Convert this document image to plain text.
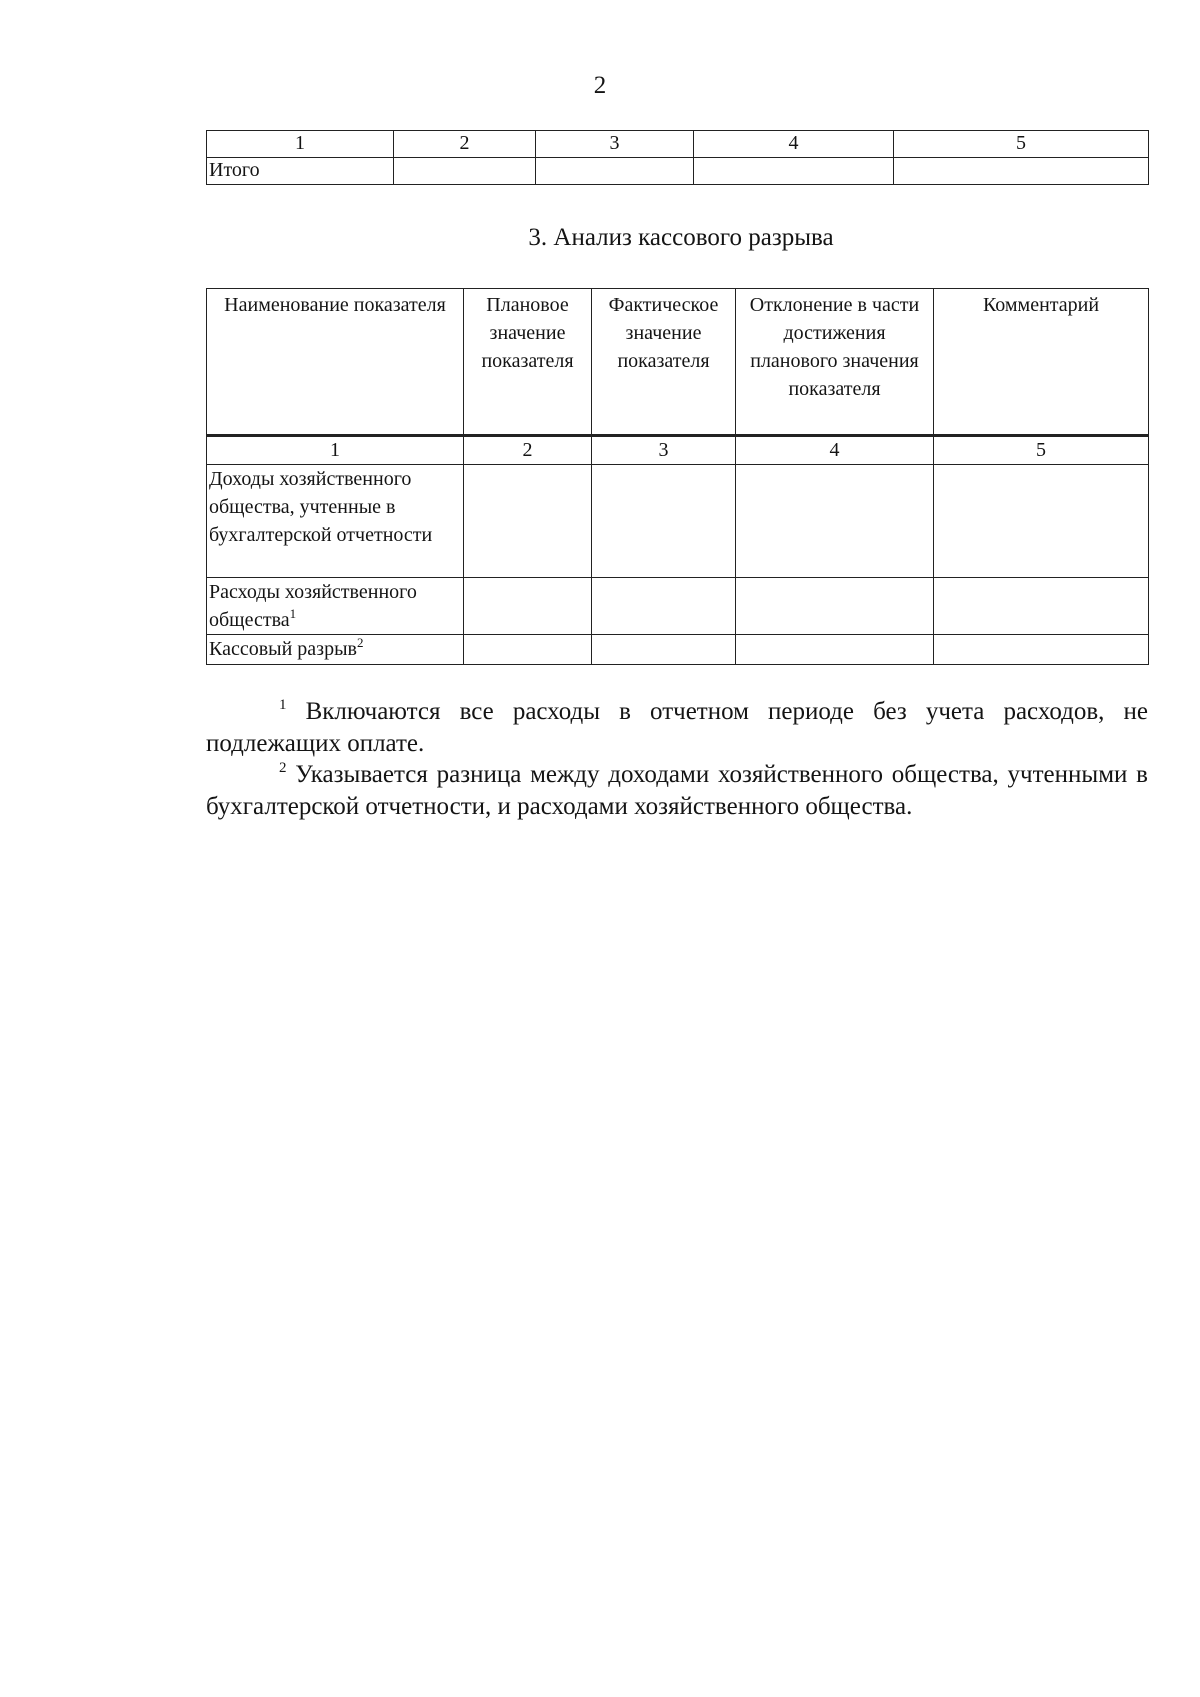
2
1	2	3	4	5
Итого				
3. Анализ кассового разрыва
Наименование показателя	Плановое значение показателя	Фактическое значение показателя	Отклонение в части достижения планового значения показателя	Комментарий
1	2	3	4	5
Доходы хозяйственного общества, учтенные в бухгалтерской отчетности				
Расходы хозяйственного общества$^1$				
Кассовый разрыв$^2$				

$^1$ Включаются все расходы в отчетном периоде без учета расходов, не подлежащих оплате.

$^2$ Указывается разница между доходами хозяйственного общества, учтенными в бухгалтерской отчетности, и расходами хозяйственного общества.
